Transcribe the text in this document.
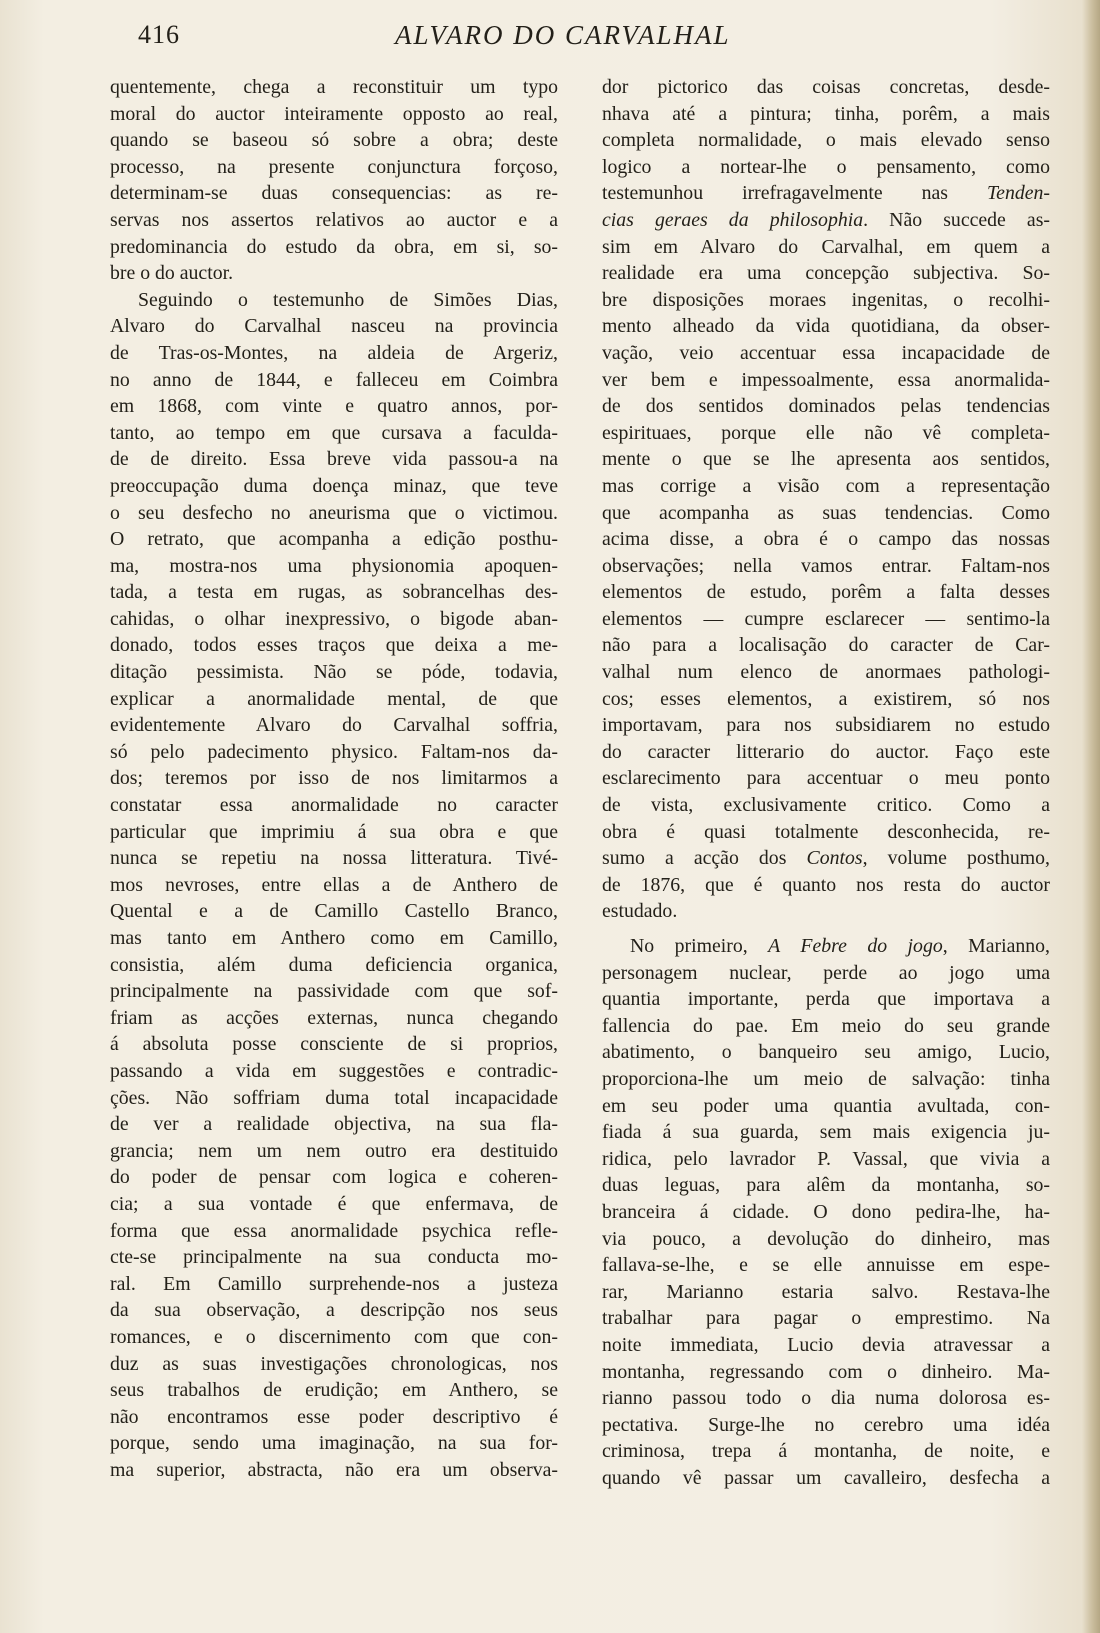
416	ALVARO DO CARVALHAL
quentemente, chega a reconstituir um typo
moral do auctor inteiramente opposto ao real,
quando se baseou só sobre a obra; deste
processo, na presente conjunctura forçoso,
determinam-se duas consequencias: as re-
servas nos assertos relativos ao auctor e a
predominancia do estudo da obra, em si, so-
bre o do auctor.
Seguindo o testemunho de Simões Dias,
Alvaro do Carvalhal nasceu na provincia
de Tras-os-Montes, na aldeia de Argeriz,
no anno de 1844, e falleceu em Coimbra
em 1868, com vinte e quatro annos, por-
tanto, ao tempo em que cursava a faculda-
de de direito. Essa breve vida passou-a na
preoccupação duma doença minaz, que teve
o seu desfecho no aneurisma que o victimou.
O retrato, que acompanha a edição posthu-
ma, mostra-nos uma physionomia apoquen-
tada, a testa em rugas, as sobrancelhas des-
cahidas, o olhar inexpressivo, o bigode aban-
donado, todos esses traços que deixa a me-
ditação pessimista. Não se póde, todavia,
explicar a anormalidade mental, de que
evidentemente Alvaro do Carvalhal soffria,
só pelo padecimento physico. Faltam-nos da-
dos; teremos por isso de nos limitarmos a
constatar essa anormalidade no caracter
particular que imprimiu á sua obra e que
nunca se repetiu na nossa litteratura. Tivé-
mos nevroses, entre ellas a de Anthero de
Quental e a de Camillo Castello Branco,
mas tanto em Anthero como em Camillo,
consistia, além duma deficiencia organica,
principalmente na passividade com que sof-
friam as acções externas, nunca chegando
á absoluta posse consciente de si proprios,
passando a vida em suggestões e contradic-
ções. Não soffriam duma total incapacidade
de ver a realidade objectiva, na sua fla-
grancia; nem um nem outro era destituido
do poder de pensar com logica e coheren-
cia; a sua vontade é que enfermava, de
forma que essa anormalidade psychica refle-
cte-se principalmente na sua conducta mo-
ral. Em Camillo surprehende-nos a justeza
da sua observação, a descripção nos seus
romances, e o discernimento com que con-
duz as suas investigações chronologicas, nos
seus trabalhos de erudição; em Anthero, se
não encontramos esse poder descriptivo é
porque, sendo uma imaginação, na sua for-
ma superior, abstracta, não era um observa-
dor pictorico das coisas concretas, desde-
nhava até a pintura; tinha, porêm, a mais
completa normalidade, o mais elevado senso
logico a nortear-lhe o pensamento, como
testemunhou irrefragavelmente nas Tenden-
cias geraes da philosophia. Não succede as-
sim em Alvaro do Carvalhal, em quem a
realidade era uma concepção subjectiva. So-
bre disposições moraes ingenitas, o recolhi-
mento alheado da vida quotidiana, da obser-
vação, veio accentuar essa incapacidade de
ver bem e impessoalmente, essa anormalida-
de dos sentidos dominados pelas tendencias
espirituaes, porque elle não vê completa-
mente o que se lhe apresenta aos sentidos,
mas corrige a visão com a representação
que acompanha as suas tendencias. Como
acima disse, a obra é o campo das nossas
observações; nella vamos entrar. Faltam-nos
elementos de estudo, porêm a falta desses
elementos — cumpre esclarecer — sentimo-la
não para a localisação do caracter de Car-
valhal num elenco de anormaes pathologi-
cos; esses elementos, a existirem, só nos
importavam, para nos subsidiarem no estudo
do caracter litterario do auctor. Faço este
esclarecimento para accentuar o meu ponto
de vista, exclusivamente critico. Como a
obra é quasi totalmente desconhecida, re-
sumo a acção dos Contos, volume posthumo,
de 1876, que é quanto nos resta do auctor
estudado.
No primeiro, A Febre do jogo, Marianno,
personagem nuclear, perde ao jogo uma
quantia importante, perda que importava a
fallencia do pae. Em meio do seu grande
abatimento, o banqueiro seu amigo, Lucio,
proporciona-lhe um meio de salvação: tinha
em seu poder uma quantia avultada, con-
fiada á sua guarda, sem mais exigencia ju-
ridica, pelo lavrador P. Vassal, que vivia a
duas leguas, para alêm da montanha, so-
branceira á cidade. O dono pedira-lhe, ha-
via pouco, a devolução do dinheiro, mas
fallava-se-lhe, e se elle annuisse em espe-
rar, Marianno estaria salvo. Restava-lhe
trabalhar para pagar o emprestimo. Na
noite immediata, Lucio devia atravessar a
montanha, regressando com o dinheiro. Ma-
rianno passou todo o dia numa dolorosa es-
pectativa. Surge-lhe no cerebro uma idéa
criminosa, trepa á montanha, de noite, e
quando vê passar um cavalleiro, desfecha a
